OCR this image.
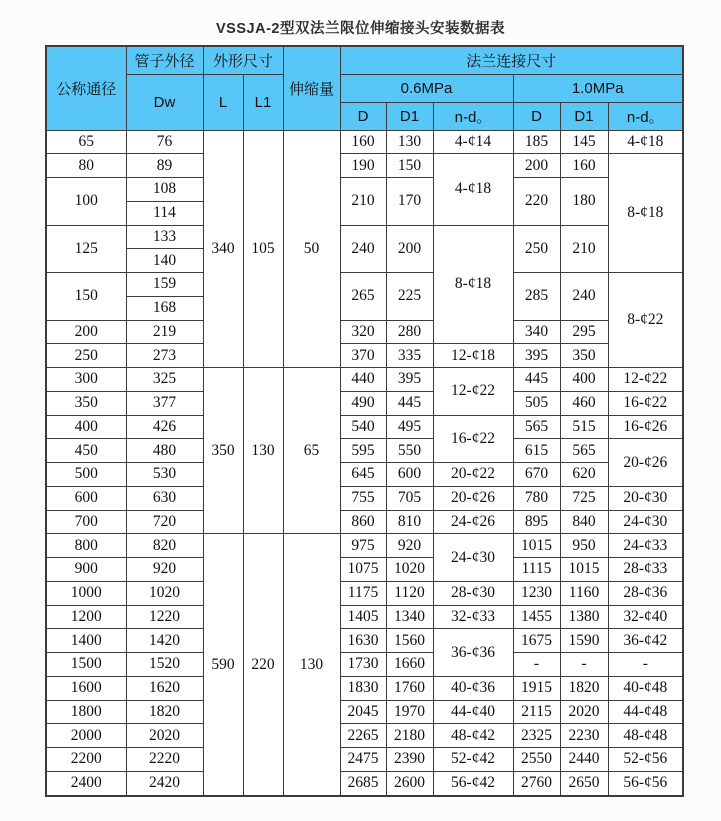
VSSJA-2型双法兰限位伸缩接头安装数据表
公称通径	管子外径	外形尺寸		伸缩量	法兰连接尺寸					
	Dw	L	L1		0.6MPa			1.0MPa		
					D	D1	n-d。	D	D1	n-d。
65	76	340	105	50	160	130	4-¢14	185	145	4-¢18
80	89				190	150	4-¢18	200	160	8-¢18
100	108				210	170		220	180	
	114									
125	133				240	200	8-¢18	250	210	
	140									
150	159				265	225		285	240	8-¢22
	168									
200	219				320	280		340	295	
250	273				370	335	12-¢18	395	350	
300	325	350	130	65	440	395	12-¢22	445	400	12-¢22
350	377				490	445		505	460	16-¢22
400	426				540	495	16-¢22	565	515	16-¢26
450	480				595	550		615	565	20-¢26
500	530				645	600	20-¢22	670	620	
600	630				755	705	20-¢26	780	725	20-¢30
700	720				860	810	24-¢26	895	840	24-¢30
800	820	590	220	130	975	920	24-¢30	1015	950	24-¢33
900	920				1075	1020		1115	1015	28-¢33
1000	1020				1175	1120	28-¢30	1230	1160	28-¢36
1200	1220				1405	1340	32-¢33	1455	1380	32-¢40
1400	1420				1630	1560	36-¢36	1675	1590	36-¢42
1500	1520				1730	1660		-	-	-
1600	1620				1830	1760	40-¢36	1915	1820	40-¢48
1800	1820				2045	1970	44-¢40	2115	2020	44-¢48
2000	2020				2265	2180	48-¢42	2325	2230	48-¢48
2200	2220				2475	2390	52-¢42	2550	2440	52-¢56
2400	2420				2685	2600	56-¢42	2760	2650	56-¢56
